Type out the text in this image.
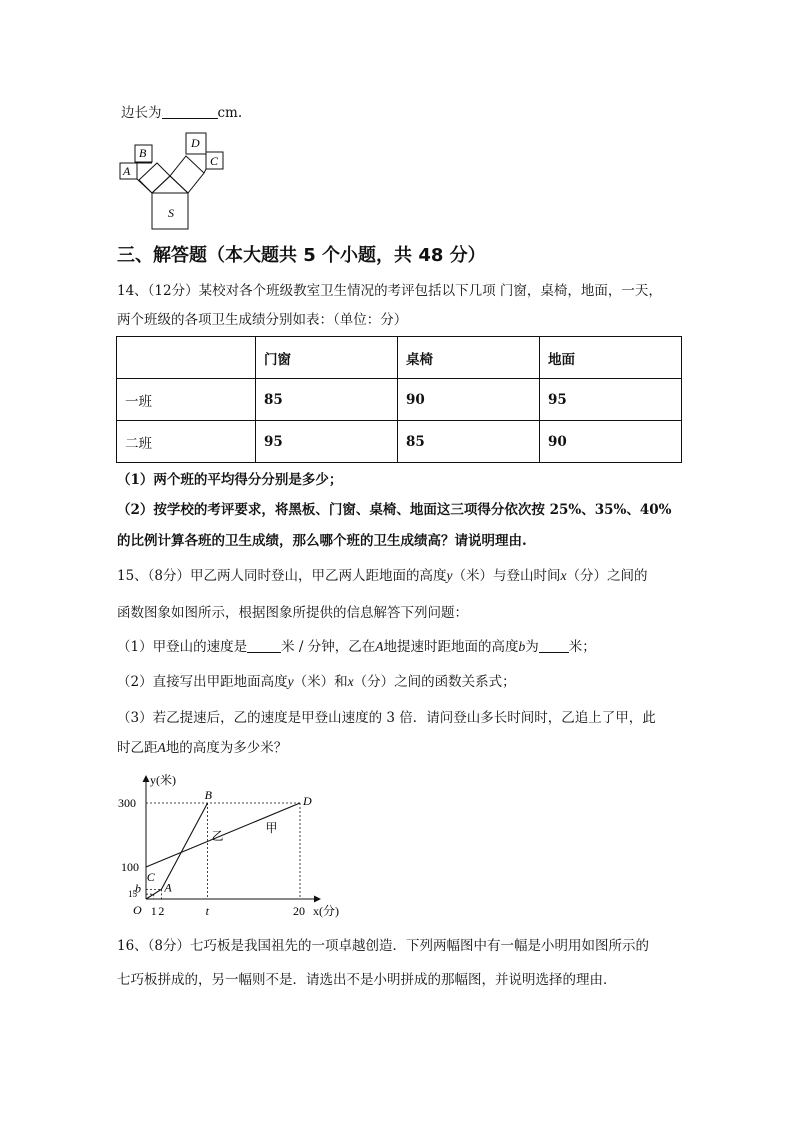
边长为	cm.
A
B
D
C
S
三、解答题（本大题共 5 个小题，共 48 分）
14、（12分）某校对各个班级教室卫生情况的考评包括以下几项 门窗，桌椅，地面，一天，
两个班级的各项卫生成绩分别如表：（单位：分）
	门窗	桌椅	地面
一班	85	90	95
二班	95	85	90
（1）两个班的平均得分分别是多少；
（2）按学校的考评要求，将黑板、门窗、桌椅、地面这三项得分依次按 25%、35%、40%
的比例计算各班的卫生成绩，那么哪个班的卫生成绩高？请说明理由.
15、（8分）甲乙两人同时登山，甲乙两人距地面的高度y（米）与登山时间x（分）之间的
函数图象如图所示，根据图象所提供的信息解答下列问题：
（1）甲登山的速度是	米 / 分钟，乙在A地提速时距地面的高度b为 米；
（2）直接写出甲距地面高度y（米）和x（分）之间的函数关系式；
（3）若乙提速后，乙的速度是甲登山速度的 3 倍．请问登山多长时间时，乙追上了甲，此
时乙距A地的高度为多少米？
y(米)
x(分)
O
乙
甲
C
D
A
B
15
b
100
300
1 2	t	20
16、（8分）七巧板是我国祖先的一项卓越创造．下列两幅图中有一幅是小明用如图所示的
七巧板拼成的，另一幅则不是．请选出不是小明拼成的那幅图，并说明选择的理由．
